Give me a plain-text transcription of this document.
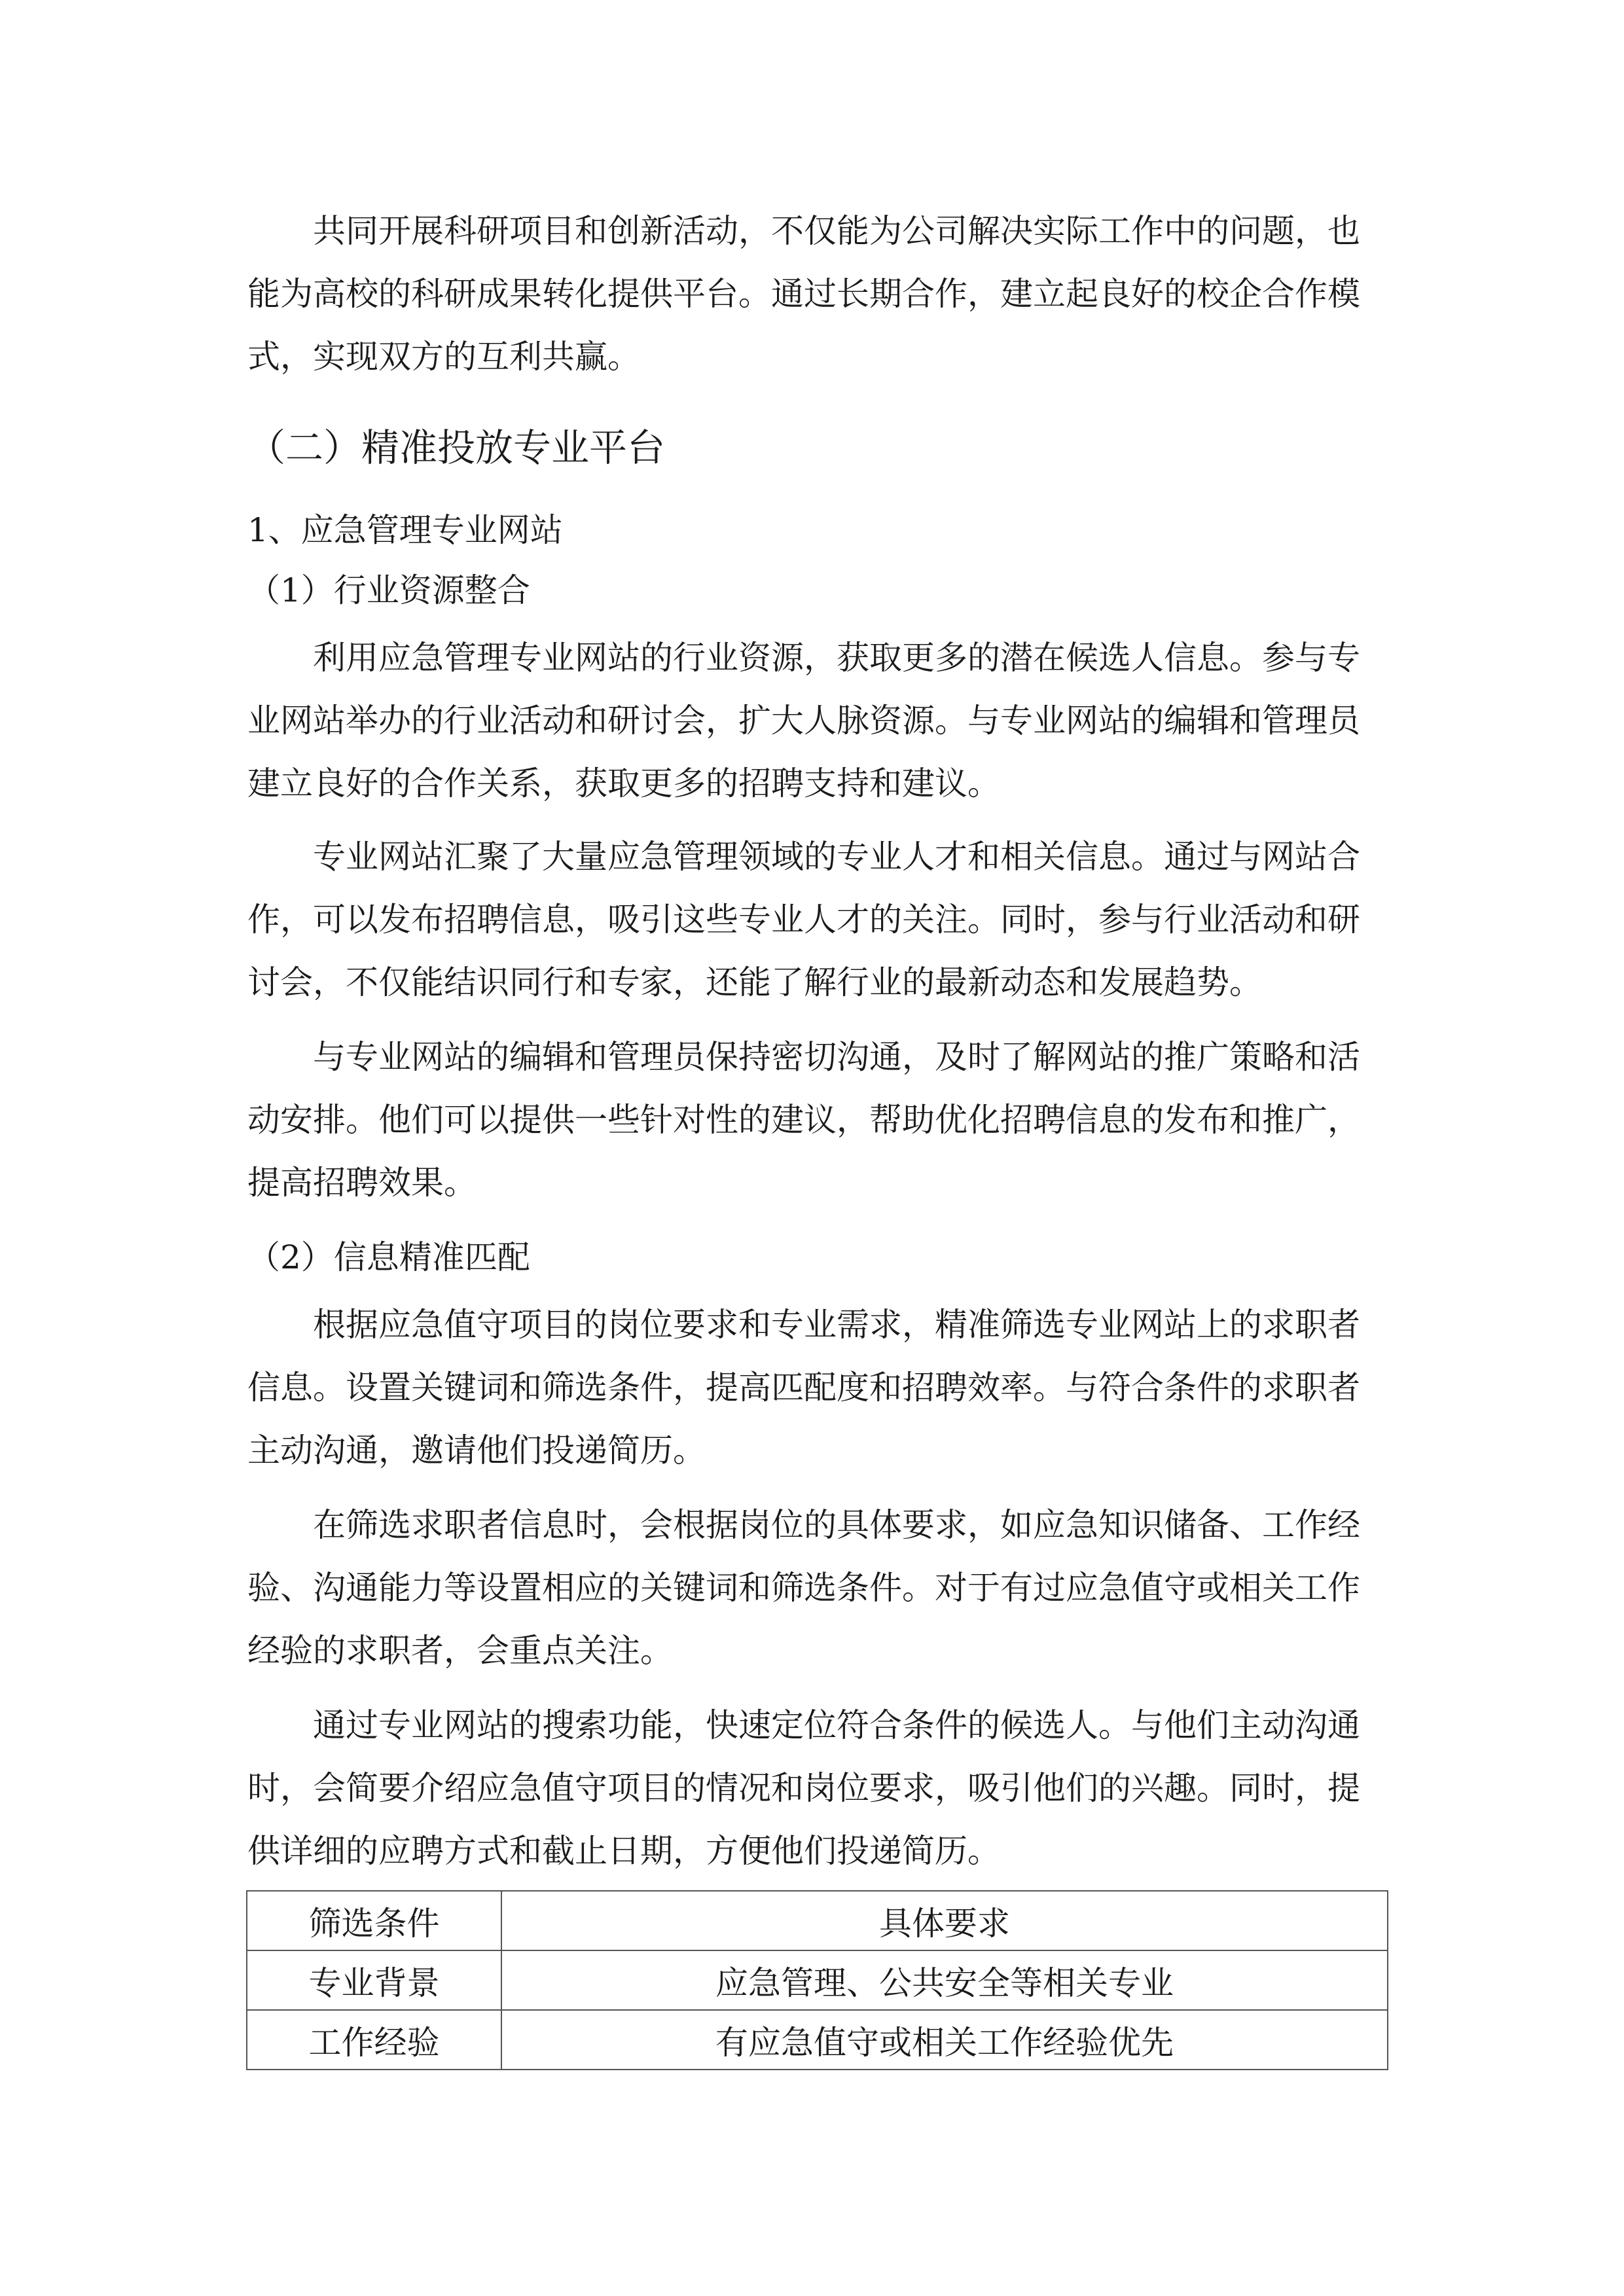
共同开展科研项目和创新活动，不仅能为公司解决实际工作中的问题，也
能为高校的科研成果转化提供平台。通过长期合作，建立起良好的校企合作模
式，实现双方的互利共赢。
（二）精准投放专业平台
1、应急管理专业网站
（1）行业资源整合
利用应急管理专业网站的行业资源，获取更多的潜在候选人信息。参与专
业网站举办的行业活动和研讨会，扩大人脉资源。与专业网站的编辑和管理员
建立良好的合作关系，获取更多的招聘支持和建议。
专业网站汇聚了大量应急管理领域的专业人才和相关信息。通过与网站合
作，可以发布招聘信息，吸引这些专业人才的关注。同时，参与行业活动和研
讨会，不仅能结识同行和专家，还能了解行业的最新动态和发展趋势。
与专业网站的编辑和管理员保持密切沟通，及时了解网站的推广策略和活
动安排。他们可以提供一些针对性的建议，帮助优化招聘信息的发布和推广，
提高招聘效果。
（2）信息精准匹配
根据应急值守项目的岗位要求和专业需求，精准筛选专业网站上的求职者
信息。设置关键词和筛选条件，提高匹配度和招聘效率。与符合条件的求职者
主动沟通，邀请他们投递简历。
在筛选求职者信息时，会根据岗位的具体要求，如应急知识储备、工作经
验、沟通能力等设置相应的关键词和筛选条件。对于有过应急值守或相关工作
经验的求职者，会重点关注。
通过专业网站的搜索功能，快速定位符合条件的候选人。与他们主动沟通
时，会简要介绍应急值守项目的情况和岗位要求，吸引他们的兴趣。同时，提
供详细的应聘方式和截止日期，方便他们投递简历。
筛选条件	具体要求
专业背景	应急管理、公共安全等相关专业
工作经验	有应急值守或相关工作经验优先
